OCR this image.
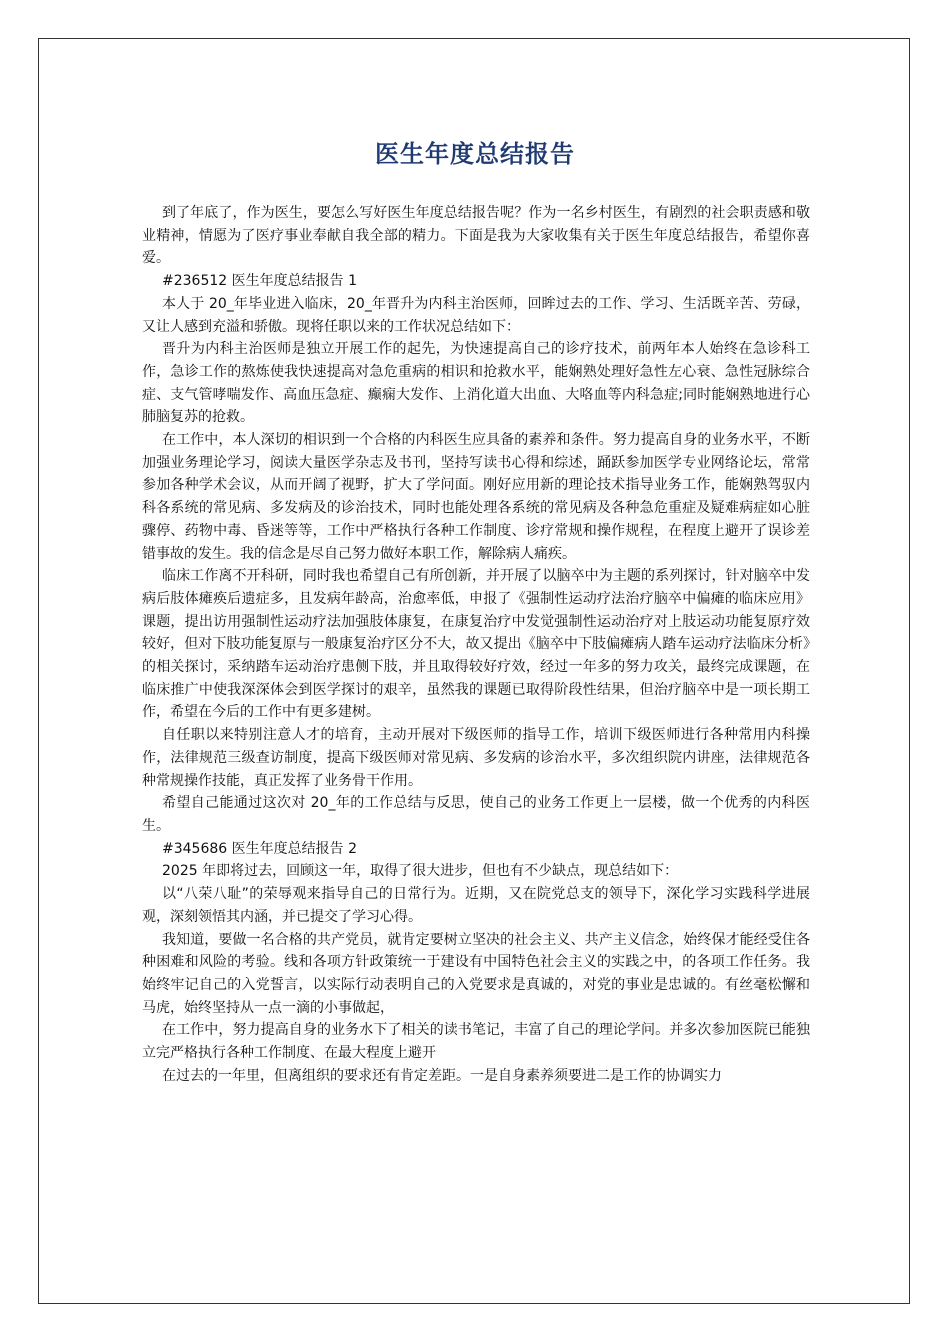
医生年度总结报告

到了年底了，作为医生，要怎么写好医生年度总结报告呢？作为一名乡村医生，有剧烈的社会职责感和敬业精神，情愿为了医疗事业奉献自我全部的精力。下面是我为大家收集有关于医生年度总结报告，希望你喜爱。

#236512 医生年度总结报告 1

本人于 20_年毕业进入临床，20_年晋升为内科主治医师，回眸过去的工作、学习、生活既辛苦、劳碌，又让人感到充溢和骄傲。现将任职以来的工作状况总结如下：

晋升为内科主治医师是独立开展工作的起先，为快速提高自己的诊疗技术，前两年本人始终在急诊科工作，急诊工作的熬炼使我快速提高对急危重病的相识和抢救水平，能娴熟处理好急性左心衰、急性冠脉综合症、支气管哮喘发作、高血压急症、癫痫大发作、上消化道大出血、大咯血等内科急症;同时能娴熟地进行心肺脑复苏的抢救。

在工作中，本人深切的相识到一个合格的内科医生应具备的素养和条件。努力提高自身的业务水平，不断加强业务理论学习，阅读大量医学杂志及书刊，坚持写读书心得和综述，踊跃参加医学专业网络论坛，常常参加各种学术会议，从而开阔了视野，扩大了学问面。刚好应用新的理论技术指导业务工作，能娴熟驾驭内科各系统的常见病、多发病及的诊治技术，同时也能处理各系统的常见病及各种急危重症及疑难病症如心脏骤停、药物中毒、昏迷等等，工作中严格执行各种工作制度、诊疗常规和操作规程，在程度上避开了误诊差错事故的发生。我的信念是尽自己努力做好本职工作，解除病人痛疾。

临床工作离不开科研，同时我也希望自己有所创新，并开展了以脑卒中为主题的系列探讨，针对脑卒中发病后肢体瘫痪后遗症多，且发病年龄高，治愈率低，申报了《强制性运动疗法治疗脑卒中偏瘫的临床应用》课题，提出访用强制性运动疗法加强肢体康复，在康复治疗中发觉强制性运动治疗对上肢运动功能复原疗效较好，但对下肢功能复原与一般康复治疗区分不大，故又提出《脑卒中下肢偏瘫病人踏车运动疗法临床分析》的相关探讨，采纳踏车运动治疗患侧下肢，并且取得较好疗效，经过一年多的努力攻关，最终完成课题，在临床推广中使我深深体会到医学探讨的艰辛，虽然我的课题已取得阶段性结果，但治疗脑卒中是一项长期工作，希望在今后的工作中有更多建树。

自任职以来特别注意人才的培育，主动开展对下级医师的指导工作，培训下级医师进行各种常用内科操作，法律规范三级查访制度，提高下级医师对常见病、多发病的诊治水平，多次组织院内讲座，法律规范各种常规操作技能，真正发挥了业务骨干作用。

希望自己能通过这次对 20_年的工作总结与反思，使自己的业务工作更上一层楼，做一个优秀的内科医生。

#345686 医生年度总结报告 2

2025 年即将过去，回顾这一年，取得了很大进步，但也有不少缺点，现总结如下：

以“八荣八耻”的荣辱观来指导自己的日常行为。近期，又在院党总支的领导下，深化学习实践科学进展观，深刻领悟其内涵，并已提交了学习心得。

我知道，要做一名合格的共产党员，就肯定要树立坚决的社会主义、共产主义信念，始终保才能经受住各种困难和风险的考验。线和各项方针政策统一于建设有中国特色社会主义的实践之中，的各项工作任务。我始终牢记自己的入党誓言，以实际行动表明自己的入党要求是真诚的，对党的事业是忠诚的。有丝毫松懈和马虎，始终坚持从一点一滴的小事做起，

在工作中，努力提高自身的业务水下了相关的读书笔记，丰富了自己的理论学问。并多次参加医院已能独立完严格执行各种工作制度、在最大程度上避开

在过去的一年里，但离组织的要求还有肯定差距。一是自身素养须要进二是工作的协调实力
